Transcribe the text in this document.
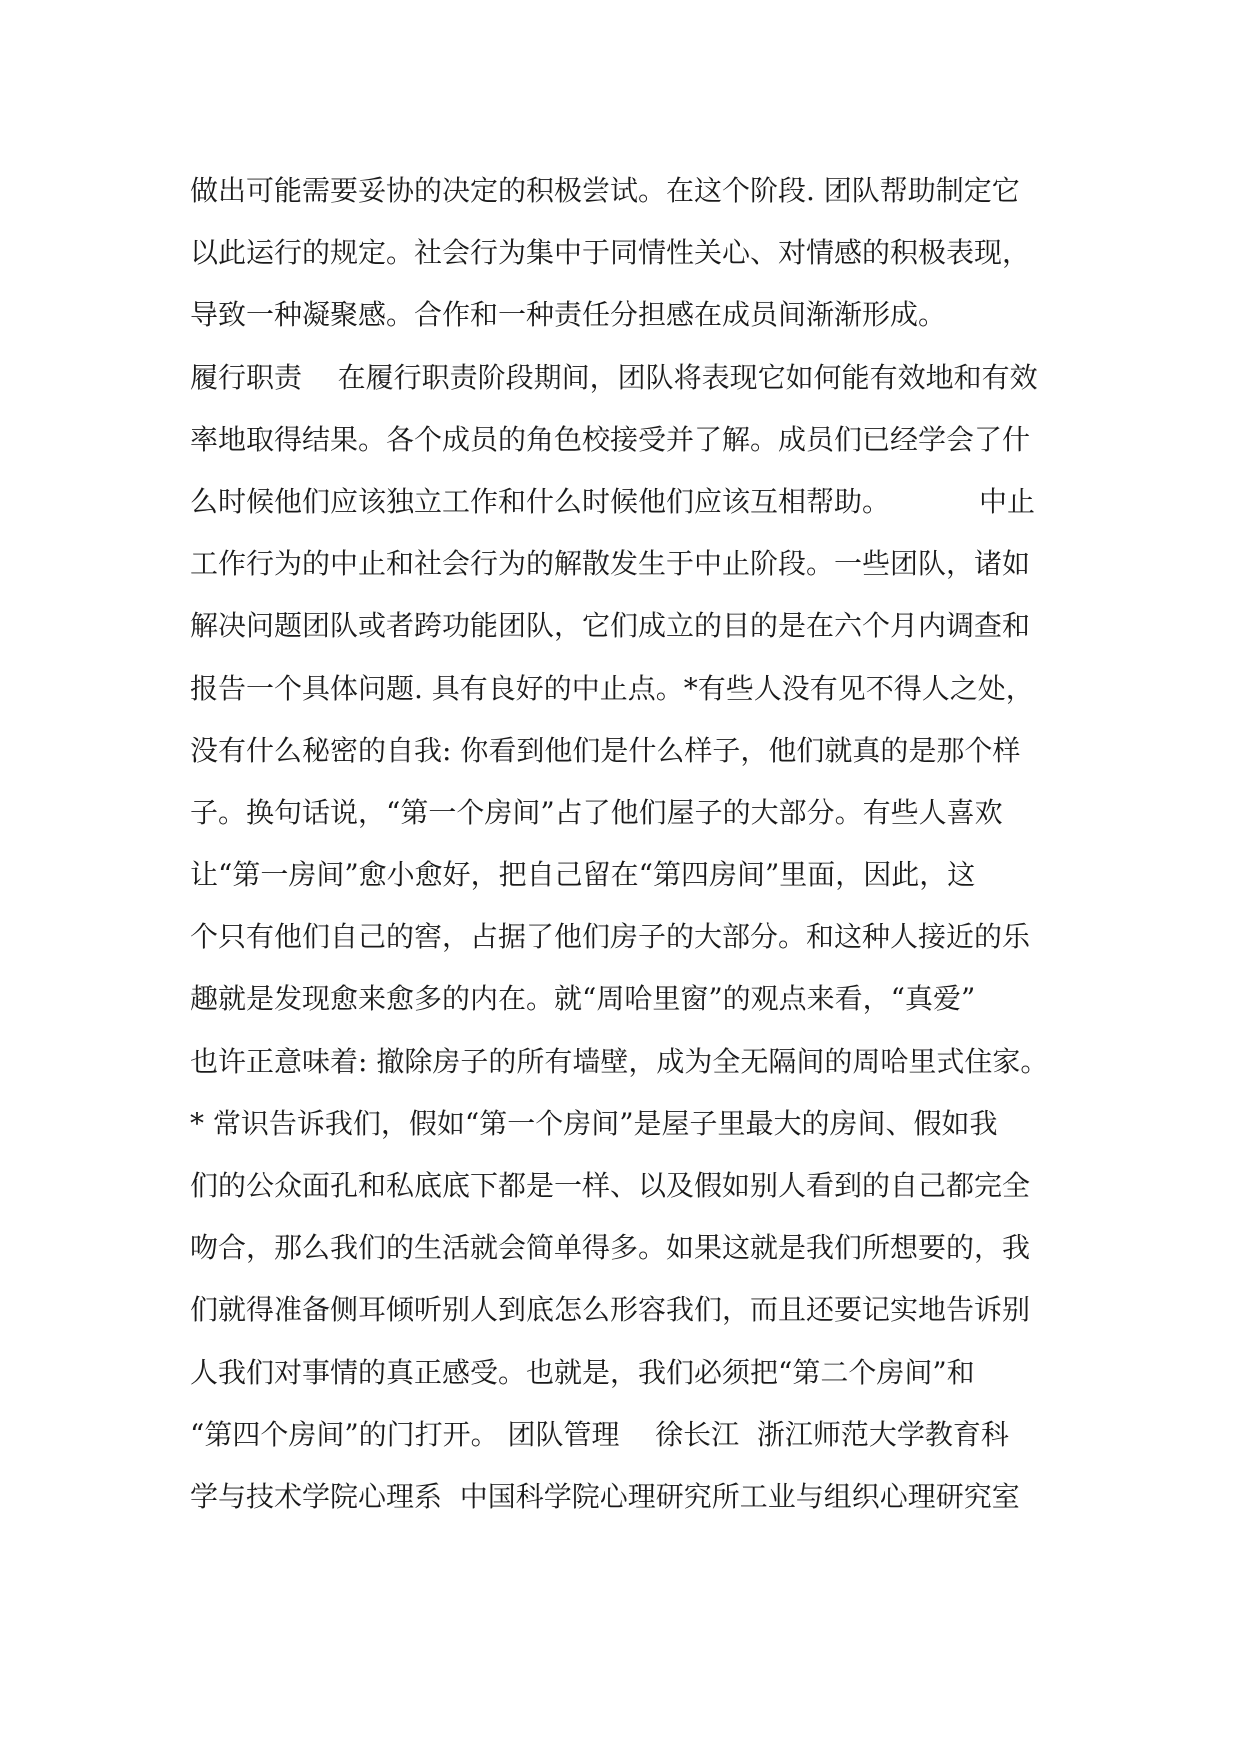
做出可能需要妥协的决定的积极尝试。在这个阶段. 团队帮助制定它
以此运行的规定。社会行为集中于同情性关心、对情感的积极表现，
导致一种凝聚感。合作和一种责任分担感在成员间渐渐形成。
履行职责    在履行职责阶段期间，团队将表现它如何能有效地和有效
率地取得结果。各个成员的角色校接受并了解。成员们已经学会了什
么时候他们应该独立工作和什么时候他们应该互相帮助。          中止
工作行为的中止和社会行为的解散发生于中止阶段。一些团队，诸如
解决问题团队或者跨功能团队，它们成立的目的是在六个月内调查和
报告一个具体问题. 具有良好的中止点。*有些人没有见不得人之处，
没有什么秘密的自我: 你看到他们是什么样子，他们就真的是那个样
子。换句话说，“第一个房间”占了他们屋子的大部分。有些人喜欢
让“第一房间”愈小愈好，把自己留在“第四房间”里面，因此，这
个只有他们自己的窖，占据了他们房子的大部分。和这种人接近的乐
趣就是发现愈来愈多的内在。就“周哈里窗”的观点来看，“真爱”
也许正意味着: 撤除房子的所有墙壁，成为全无隔间的周哈里式住家。
* 常识告诉我们，假如“第一个房间”是屋子里最大的房间、假如我
们的公众面孔和私底底下都是一样、以及假如别人看到的自己都完全
吻合，那么我们的生活就会简单得多。如果这就是我们所想要的，我
们就得准备侧耳倾听别人到底怎么形容我们，而且还要记实地告诉别
人我们对事情的真正感受。也就是，我们必须把“第二个房间”和
“第四个房间”的门打开。 团队管理    徐长江  浙江师范大学教育科
学与技术学院心理系  中国科学院心理研究所工业与组织心理研究室
